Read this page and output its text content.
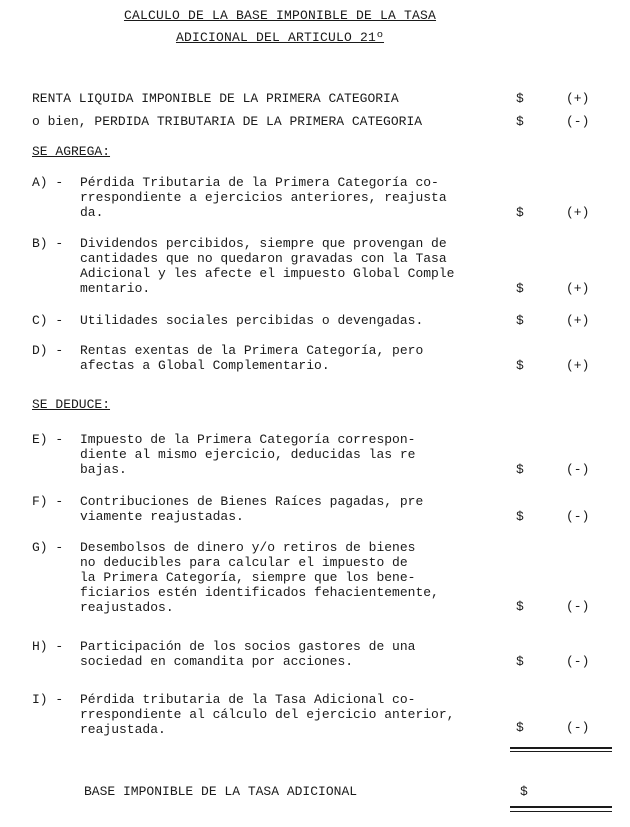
CALCULO DE LA BASE IMPONIBLE DE LA TASA
ADICIONAL DEL ARTICULO 21º
RENTA LIQUIDA IMPONIBLE DE LA PRIMERA CATEGORIA	$	(+)
o bien, PERDIDA TRIBUTARIA DE LA PRIMERA CATEGORIA	$	(-)
SE AGREGA:
A) - Pérdida Tributaria de la Primera Categoría co-
rrespondiente a ejercicios anteriores, reajusta
da.	$	(+)
B) - Dividendos percibidos, siempre que provengan de
cantidades que no quedaron gravadas con la Tasa
Adicional y les afecte el impuesto Global Comple
mentario.	$	(+)
C) - Utilidades sociales percibidas o devengadas.	$	(+)
D) - Rentas exentas de la Primera Categoría, pero
afectas a Global Complementario.	$	(+)
SE DEDUCE:
E) - Impuesto de la Primera Categoría correspon-
diente al mismo ejercicio, deducidas las re
bajas.	$	(-)
F) - Contribuciones de Bienes Raíces pagadas, pre
viamente reajustadas.	$	(-)
G) - Desembolsos de dinero y/o retiros de bienes
no deducibles para calcular el impuesto de
la Primera Categoría, siempre que los bene-
ficiarios estén identificados fehacientemente,
reajustados.	$	(-)
H) - Participación de los socios gastores de una
sociedad en comandita por acciones.	$	(-)
I) - Pérdida tributaria de la Tasa Adicional co-
rrespondiente al cálculo del ejercicio anterior,
reajustada.	$	(-)
BASE IMPONIBLE DE LA TASA ADICIONAL	$
